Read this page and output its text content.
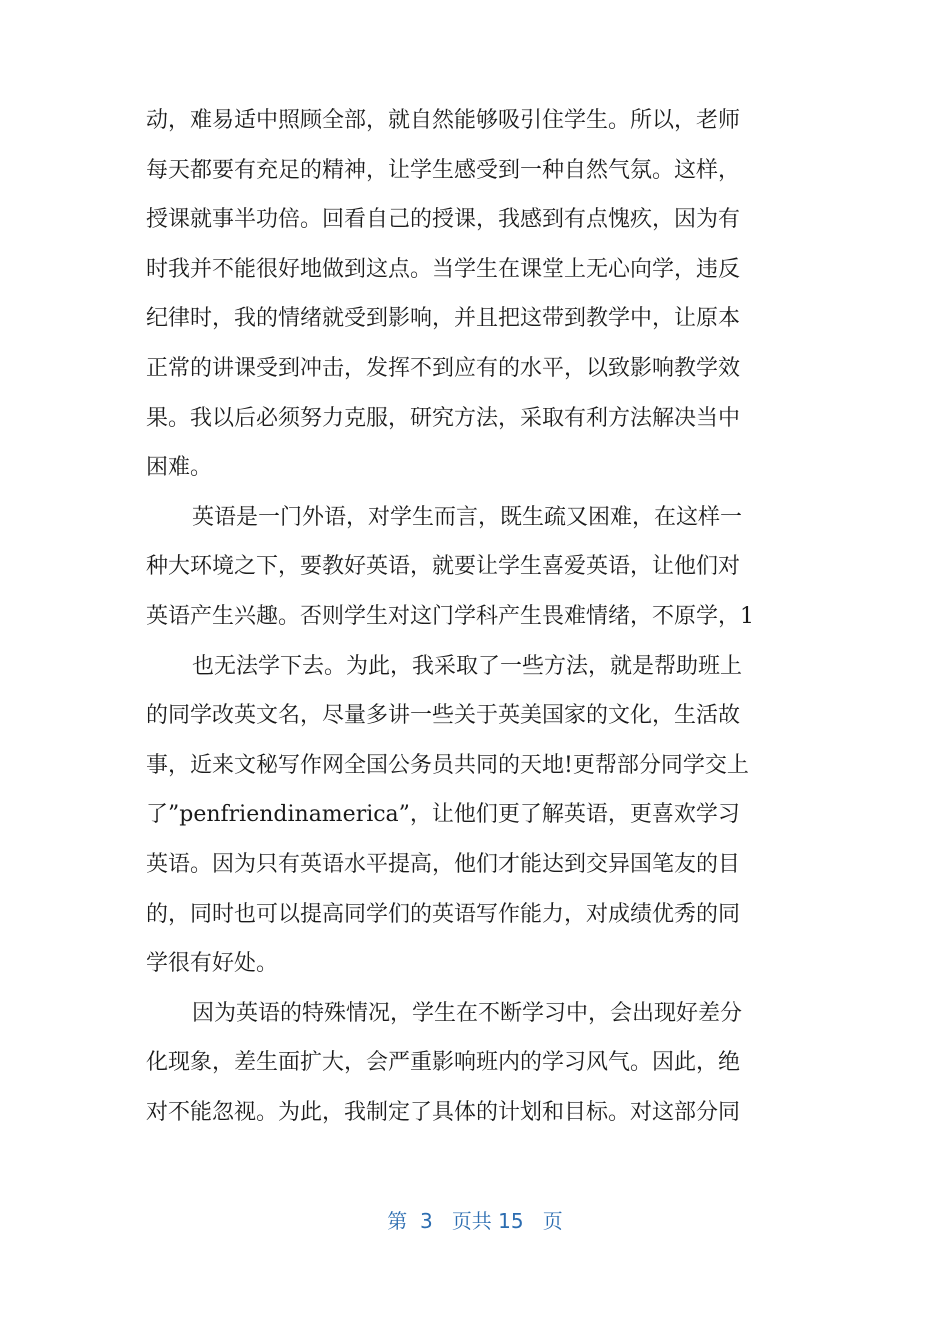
动，难易适中照顾全部，就自然能够吸引住学生。所以，老师
每天都要有充足的精神，让学生感受到一种自然气氛。这样，
授课就事半功倍。回看自己的授课，我感到有点愧疚，因为有
时我并不能很好地做到这点。当学生在课堂上无心向学，违反
纪律时，我的情绪就受到影响，并且把这带到教学中，让原本
正常的讲课受到冲击，发挥不到应有的水平，以致影响教学效
果。我以后必须努力克服，研究方法，采取有利方法解决当中
困难。
英语是一门外语，对学生而言，既生疏又困难，在这样一
种大环境之下，要教好英语，就要让学生喜爱英语，让他们对
英语产生兴趣。否则学生对这门学科产生畏难情绪，不原学，1
也无法学下去。为此，我采取了一些方法，就是帮助班上
的同学改英文名，尽量多讲一些关于英美国家的文化，生活故
事，近来文秘写作网全国公务员共同的天地!更帮部分同学交上
了”penfriendinamerica”，让他们更了解英语，更喜欢学习
英语。因为只有英语水平提高，他们才能达到交异国笔友的目
的，同时也可以提高同学们的英语写作能力，对成绩优秀的同
学很有好处。
因为英语的特殊情况，学生在不断学习中，会出现好差分
化现象，差生面扩大，会严重影响班内的学习风气。因此，绝
对不能忽视。为此，我制定了具体的计划和目标。对这部分同
第 3 页共 15 页
